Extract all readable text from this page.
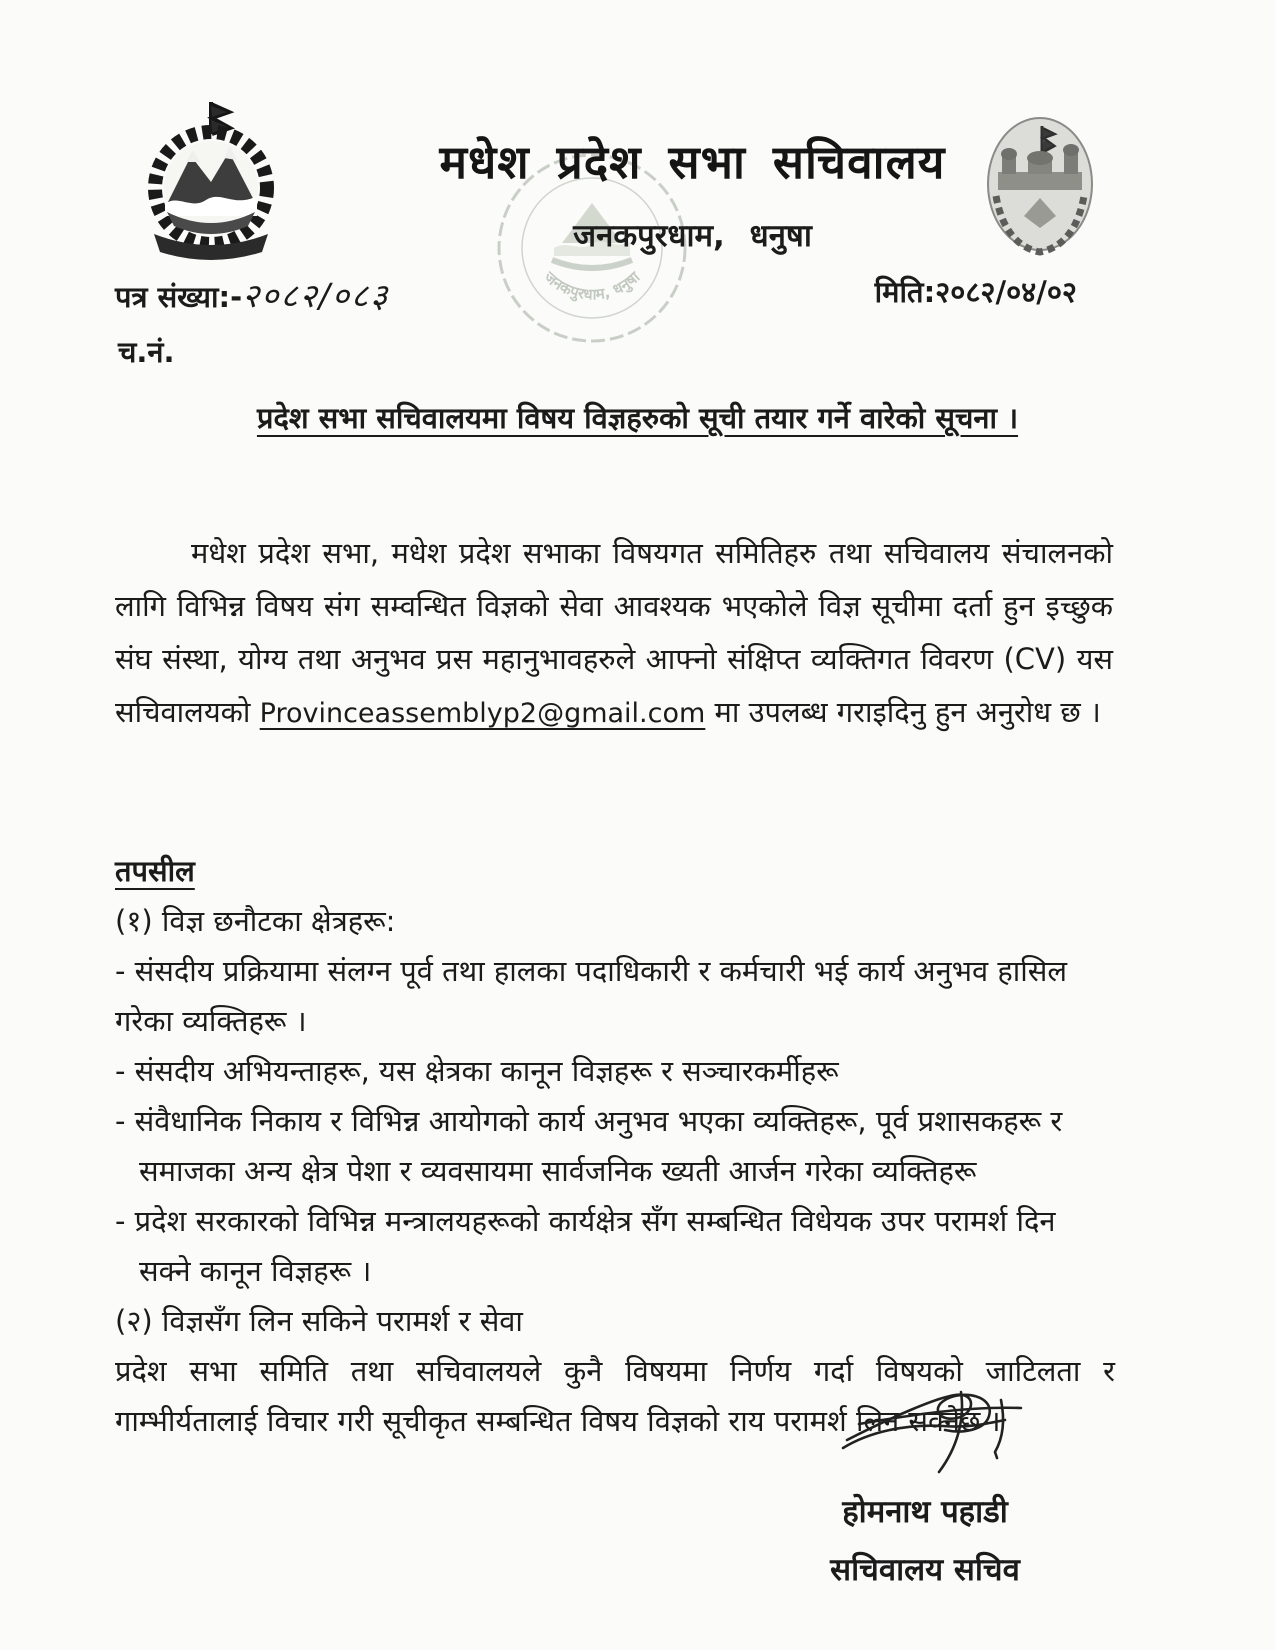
जनकपुरधाम, धनुषा
मधेश प्रदेश सभा सचिवालय
जनकपुरधाम, धनुषा
पत्र संख्या:-२०८२/०८३	मिति:२०८२/०४/०२
च.नं.
प्रदेश सभा सचिवालयमा विषय विज्ञहरुको सूची तयार गर्ने वारेको सूचना ।

मधेश प्रदेश सभा, मधेश प्रदेश सभाका विषयगत समितिहरु तथा सचिवालय संचालनको लागि विभिन्न विषय संग सम्वन्धित विज्ञको सेवा आवश्यक भएकोले विज्ञ सूचीमा दर्ता हुन इच्छुक संघ संस्था, योग्य तथा अनुभव प्रस महानुभावहरुले आफ्नो संक्षिप्त व्यक्तिगत विवरण (CV) यस सचिवालयको Provinceassemblyp2@gmail.com मा उपलब्ध गराइदिनु हुन अनुरोध छ ।

तपसील
(१) विज्ञ छनौटका क्षेत्रहरू:
- संसदीय प्रक्रियामा संलग्न पूर्व तथा हालका पदाधिकारी र कर्मचारी भई कार्य अनुभव हासिल गरेका व्यक्तिहरू ।
- संसदीय अभियन्ताहरू, यस क्षेत्रका कानून विज्ञहरू र सञ्चारकर्मीहरू
- संवैधानिक निकाय र विभिन्न आयोगको कार्य अनुभव भएका व्यक्तिहरू, पूर्व प्रशासकहरू र समाजका अन्य क्षेत्र पेशा र व्यवसायमा सार्वजनिक ख्यती आर्जन गरेका व्यक्तिहरू
- प्रदेश सरकारको विभिन्न मन्त्रालयहरूको कार्यक्षेत्र सँग सम्बन्धित विधेयक उपर परामर्श दिन सक्ने कानून विज्ञहरू ।
(२) विज्ञसँग लिन सकिने परामर्श र सेवा
प्रदेश सभा समिति तथा सचिवालयले कुनै विषयमा निर्णय गर्दा विषयको जाटिलता र गाम्भीर्यतालाई विचार गरी सूचीकृत सम्बन्धित विषय विज्ञको राय परामर्श लिन सक्नेछ ।
होमनाथ पहाडी
सचिवालय सचिव
